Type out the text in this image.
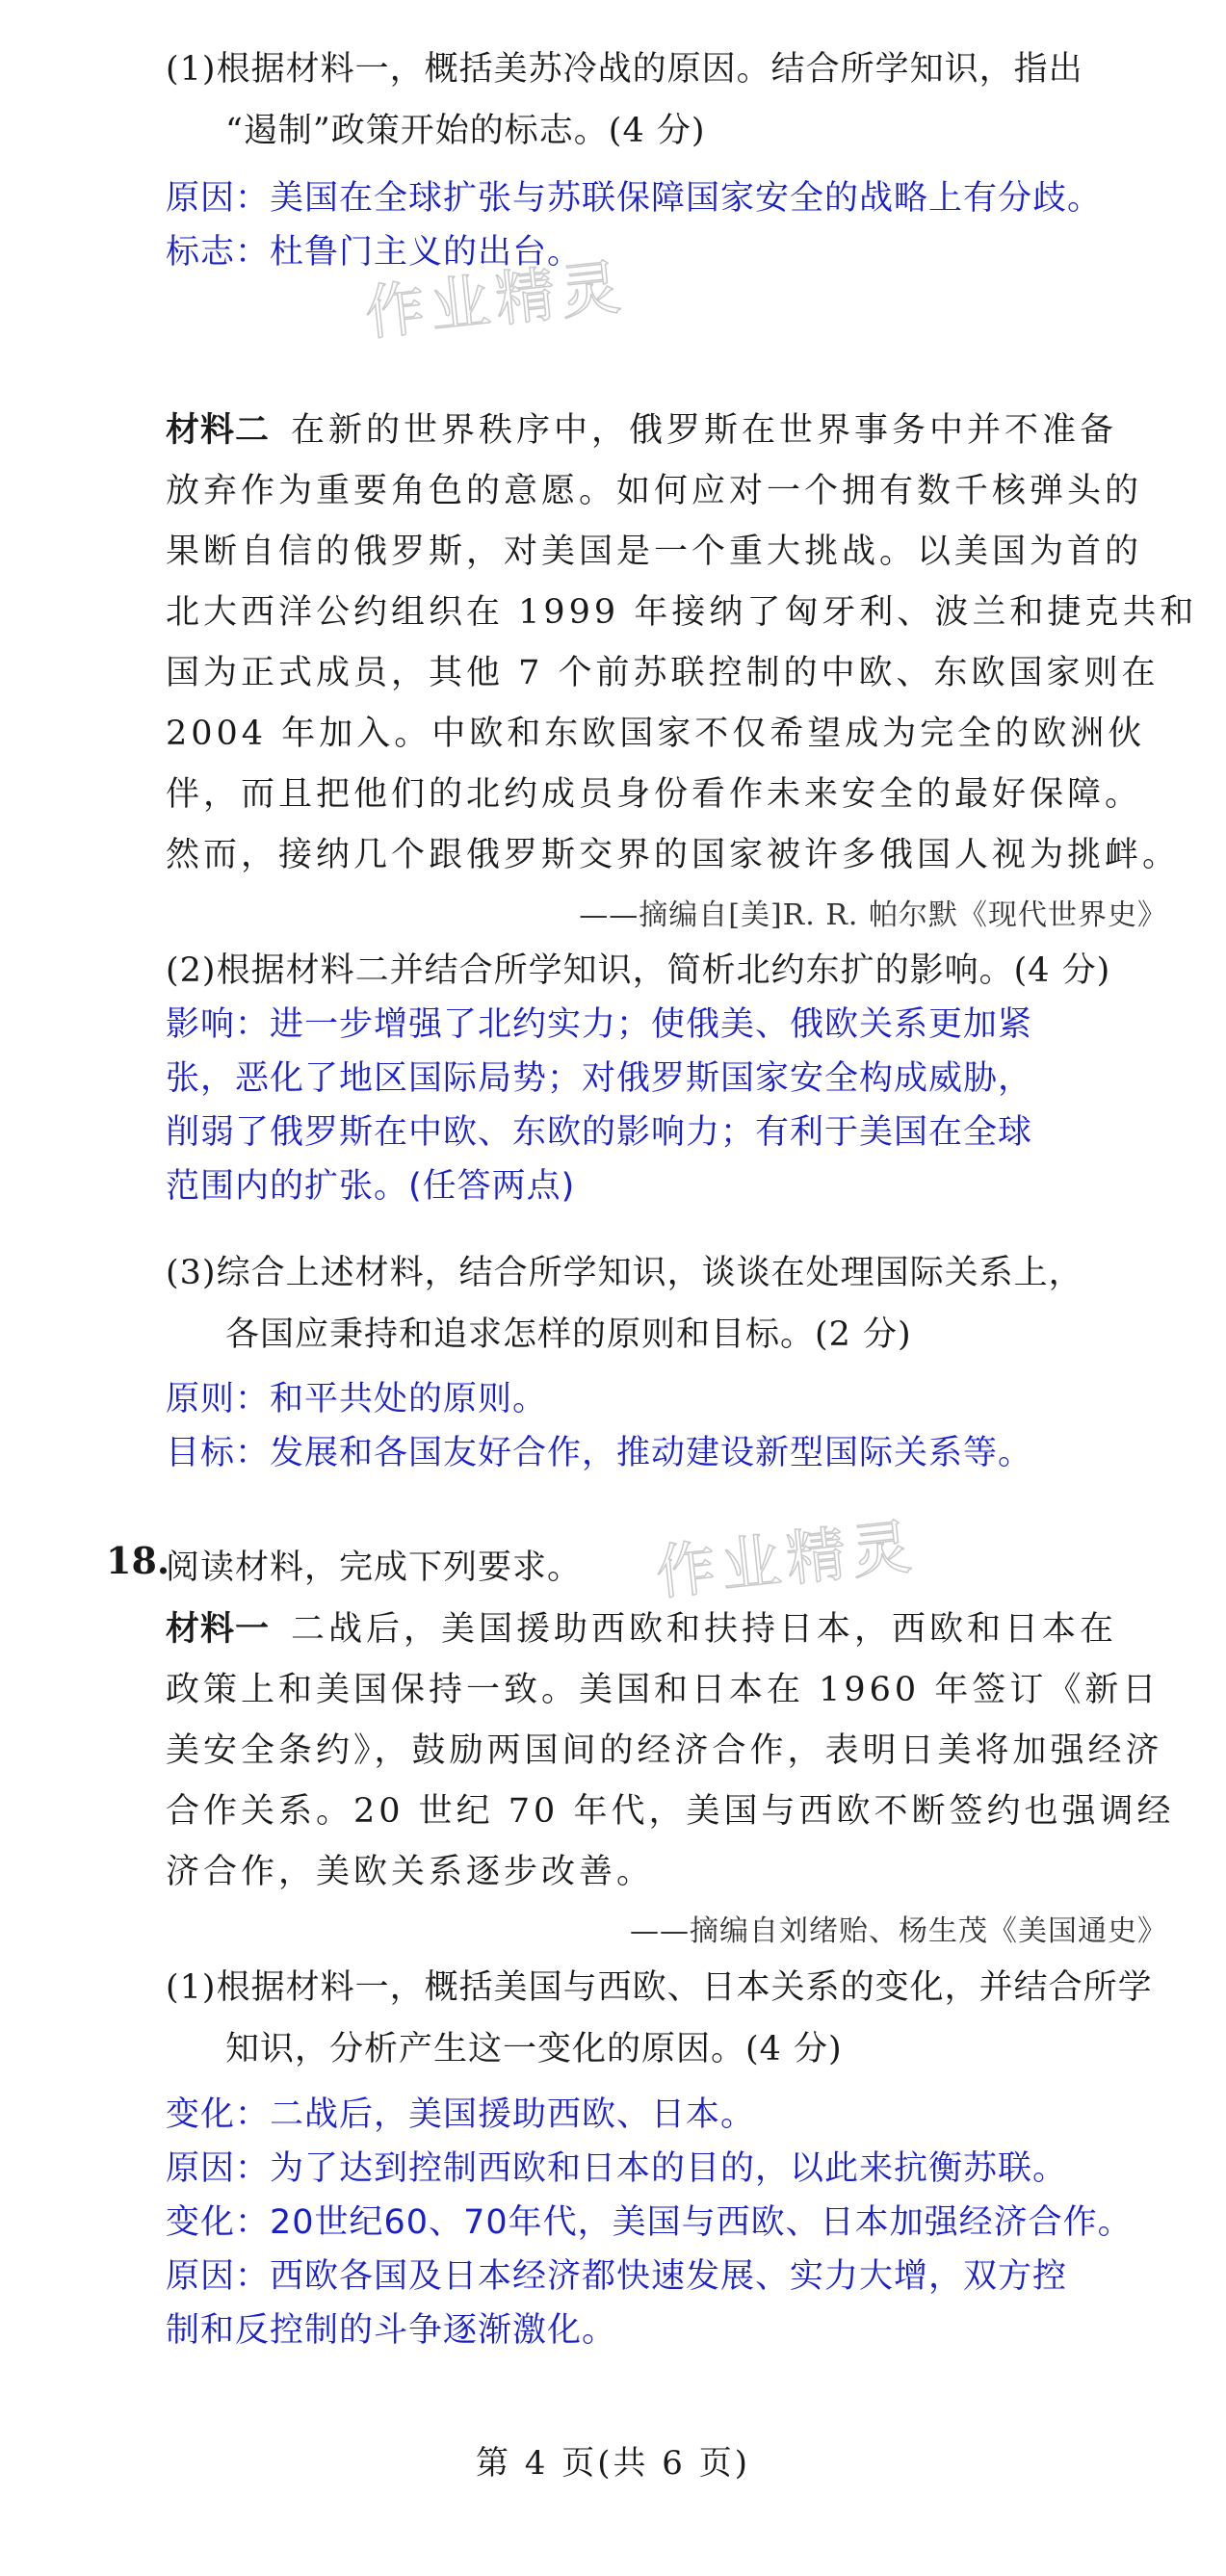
(1)根据材料一，概括美苏冷战的原因。结合所学知识，指出
“遏制”政策开始的标志。(4 分)
原因：美国在全球扩张与苏联保障国家安全的战略上有分歧。
标志：杜鲁门主义的出台。
作业精灵
材料二 在新的世界秩序中，俄罗斯在世界事务中并不准备
放弃作为重要角色的意愿。如何应对一个拥有数千核弹头的
果断自信的俄罗斯，对美国是一个重大挑战。以美国为首的
北大西洋公约组织在 1999 年接纳了匈牙利、波兰和捷克共和
国为正式成员，其他 7 个前苏联控制的中欧、东欧国家则在
2004 年加入。中欧和东欧国家不仅希望成为完全的欧洲伙
伴，而且把他们的北约成员身份看作未来安全的最好保障。
然而，接纳几个跟俄罗斯交界的国家被许多俄国人视为挑衅。
——摘编自[美]R. R. 帕尔默《现代世界史》
(2)根据材料二并结合所学知识，简析北约东扩的影响。(4 分)
影响：进一步增强了北约实力；使俄美、俄欧关系更加紧
张，恶化了地区国际局势；对俄罗斯国家安全构成威胁，
削弱了俄罗斯在中欧、东欧的影响力；有利于美国在全球
范围内的扩张。(任答两点)
(3)综合上述材料，结合所学知识，谈谈在处理国际关系上，
各国应秉持和追求怎样的原则和目标。(2 分)
原则：和平共处的原则。
目标：发展和各国友好合作，推动建设新型国际关系等。
18.
阅读材料，完成下列要求。	作业精灵
材料一 二战后，美国援助西欧和扶持日本，西欧和日本在
政策上和美国保持一致。美国和日本在 1960 年签订《新日
美安全条约》，鼓励两国间的经济合作，表明日美将加强经济
合作关系。20 世纪 70 年代，美国与西欧不断签约也强调经
济合作，美欧关系逐步改善。
——摘编自刘绪贻、杨生茂《美国通史》
(1)根据材料一，概括美国与西欧、日本关系的变化，并结合所学
知识，分析产生这一变化的原因。(4 分)
变化：二战后，美国援助西欧、日本。
原因：为了达到控制西欧和日本的目的，以此来抗衡苏联。
变化：20世纪60、70年代，美国与西欧、日本加强经济合作。
原因：西欧各国及日本经济都快速发展、实力大增，双方控
制和反控制的斗争逐渐激化。
第 4 页(共 6 页)
